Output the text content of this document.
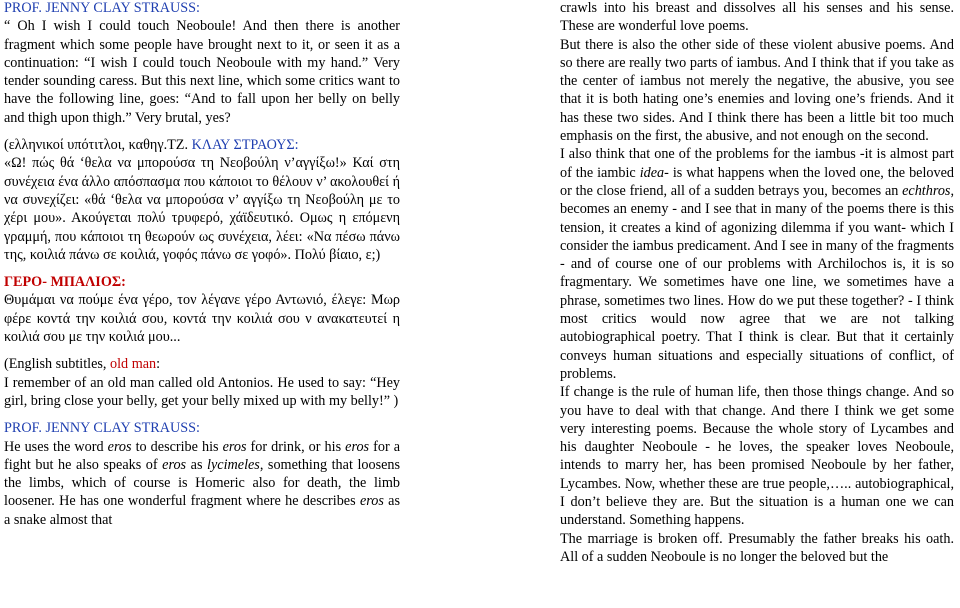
PROF. JENNY CLAY STRAUSS:

“ Oh I wish I could touch Neoboule! And then there is another fragment which some people have brought next to it, or seen it as a continuation: “I wish I could touch Neoboule with my hand.” Very tender sounding caress. But this next line, which some critics want to have the following line, goes: “And to fall upon her belly on belly and thigh upon thigh.” Very brutal, yes?

(ελληνικοί υπότιτλοι, καθηγ.ΤΖ. ΚΛΑΥ ΣΤΡΑΟΥΣ:

«Ω! πώς θά ‘θελα να μπορούσα τη Νεοβούλη ν’αγγίξω!» Καί στη συνέχεια ένα άλλο απόσπασμα που κάποιοι το θέλουν ν’ ακολουθεί ή να συνεχίζει: «θά ‘θελα να μπορούσα ν’ αγγίξω τη Νεοβούλη με το χέρι μου». Ακούγεται πολύ τρυφερό, χάϊδευτικό. Ομως η επόμενη γραμμή, που κάποιοι τη θεωρούν ως συνέχεια, λέει: «Να πέσω πάνω της, κοιλιά πάνω σε κοιλιά, γοφός πάνω σε γοφό». Πολύ βίαιο, ε;)

ΓΕΡΟ- ΜΠΑΛΙΟΣ:

Θυμάμαι να πούμε ένα γέρο, τον λέγανε γέρο Αντωνιό, έλεγε: Μωρ φέρε κοντά την κοιλιά σου, κοντά την κοιλιά σου ν ανακατευτεί η κοιλιά σου με την κοιλιά μου...

(English subtitles, old man:

I remember of an old man called old Antonios. He used to say: “Hey girl, bring close your belly, get your belly mixed up with my belly!” )

PROF. JENNY CLAY STRAUSS:

He uses the word eros to describe his eros for drink, or his eros for a fight but he also speaks of eros as lycimeles, something that loosens the limbs, which of course is Homeric also for death, the limb loosener. He has one wonderful fragment where he describes eros as a snake almost that

crawls into his breast and dissolves all his senses and his sense. These are wonderful love poems.

But there is also the other side of these violent abusive poems. And so there are really two parts of iambus. And I think that if you take as the center of iambus not merely the negative, the abusive, you see that it is both hating one’s enemies and loving one’s friends. And it has these two sides. And I think there has been a little bit too much emphasis on the first, the abusive, and not enough on the second.

I also think that one of the problems for the iambus -it is almost part of the iambic idea- is what happens when the loved one, the beloved or the close friend, all of a sudden betrays you, becomes an echthros, becomes an enemy - and I see that in many of the poems there is this tension, it creates a kind of agonizing dilemma if you want- which I consider the iambus predicament. And I see in many of the fragments - and of course one of our problems with Archilochos is, it is so fragmentary. We sometimes have one line, we sometimes have a phrase, sometimes two lines. How do we put these together? - I think most critics would now agree that we are not talking autobiographical poetry. That I think is clear. But that it certainly conveys human situations and especially situations of conflict, of problems.

If change is the rule of human life, then those things change. And so you have to deal with that change. And there I think we get some very interesting poems. Because the whole story of Lycambes and his daughter Neoboule - he loves, the speaker loves Neoboule, intends to marry her, has been promised Neoboule by her father, Lycambes. Now, whether these are true people,….. autobiographical, I don’t believe they are. But the situation is a human one we can understand. Something happens.

The marriage is broken off. Presumably the father breaks his oath. All of a sudden Neoboule is no longer the beloved but the
